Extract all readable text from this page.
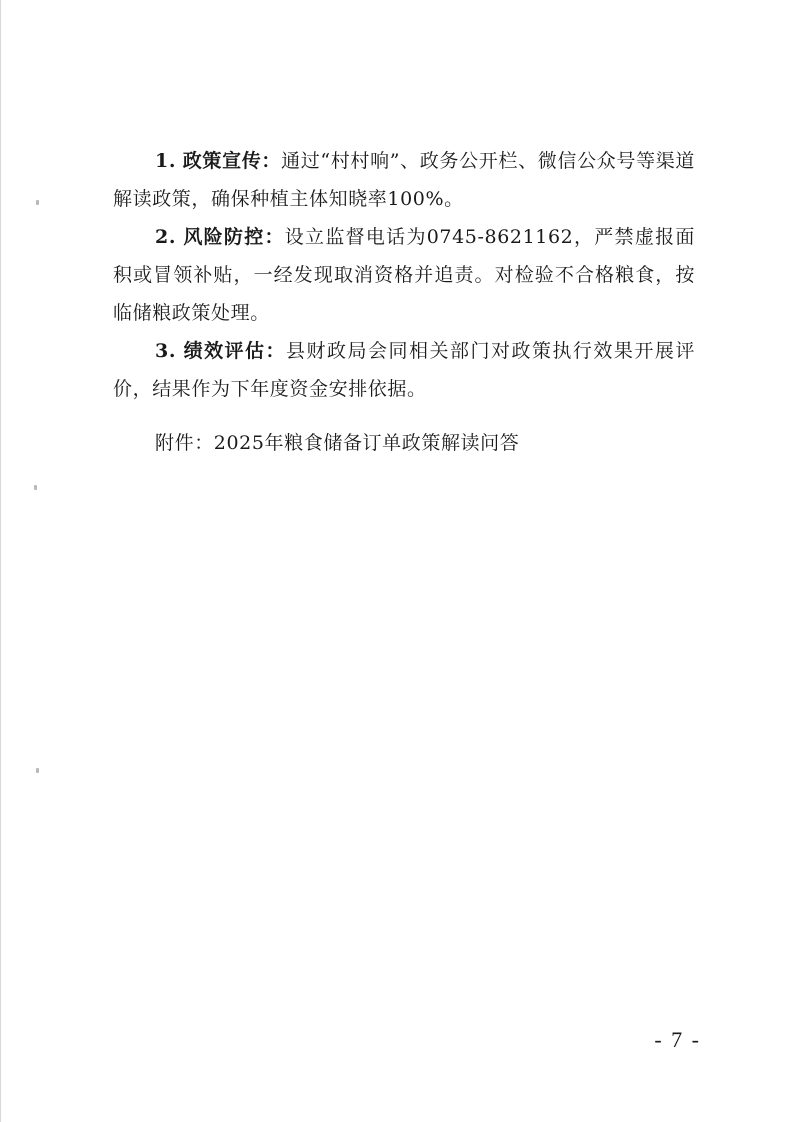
1. 政策宣传：通过“村村响”、政务公开栏、微信公众号等渠道解读政策，确保种植主体知晓率100%。

2. 风险防控：设立监督电话为0745-8621162，严禁虚报面积或冒领补贴，一经发现取消资格并追责。对检验不合格粮食，按临储粮政策处理。

3. 绩效评估：县财政局会同相关部门对政策执行效果开展评价，结果作为下年度资金安排依据。

附件：2025年粮食储备订单政策解读问答

- 7 -
